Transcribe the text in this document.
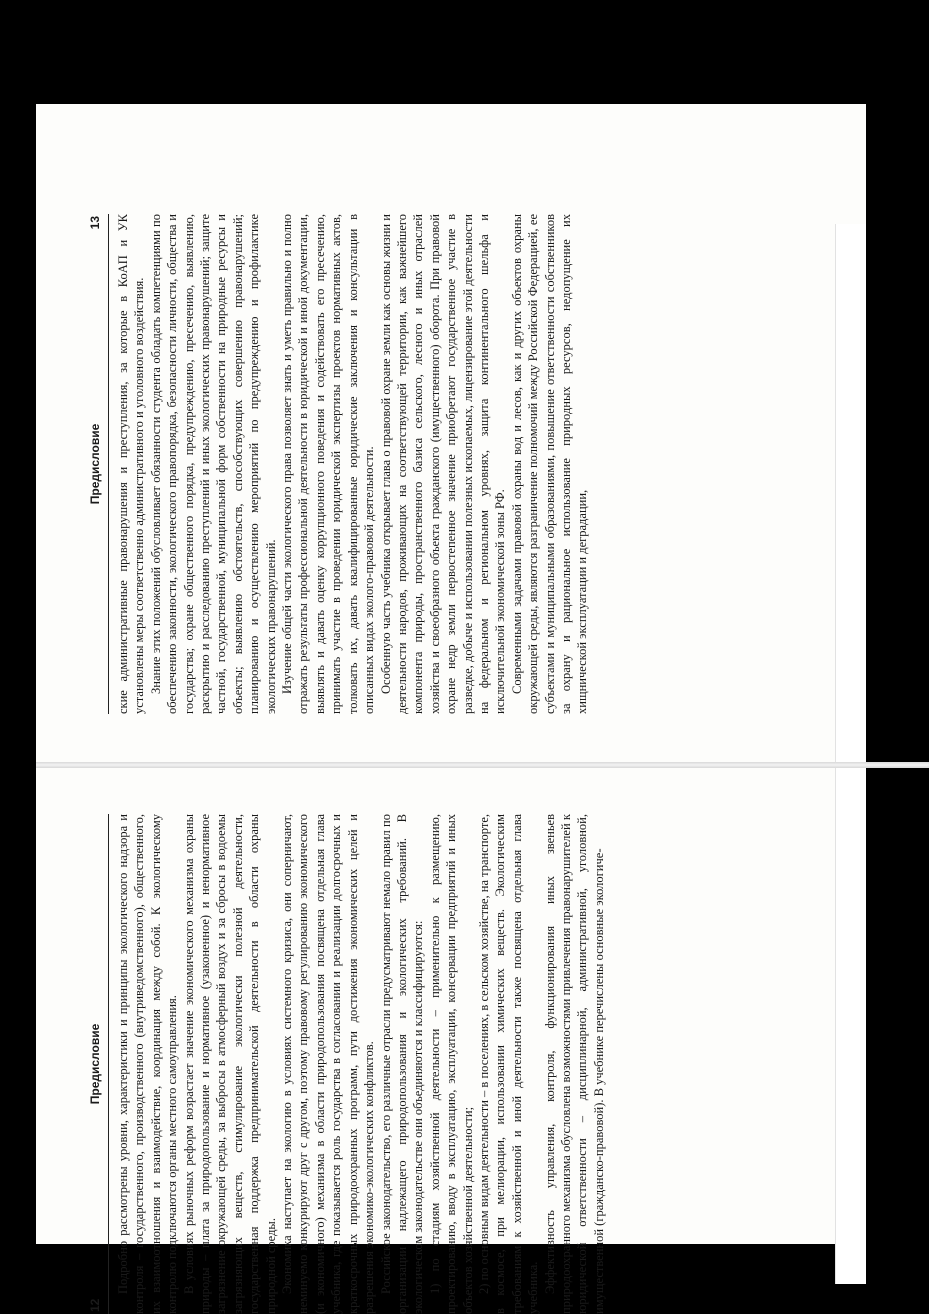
12
Предисловие Подробно рассмотрены уровни, характеристики и принципы экологического надзора и контроля – государственного, производственного (внутриведомственного), общественного, их взаимоотношения и взаимодействие, координация между собой. К экологическому контролю подключаются органы местного самоуправления. В условиях рыночных реформ возрастает значение экономического механизма охраны природы – плата за природопользование и нормативное (узаконенное) и ненормативное загрязнение окружающей среды, за выбросы в атмосферный воздух и за сбросы в водоемы загрязняющих веществ, стимулирование экологически полезной деятельности, государственная поддержка предпринимательской деятельности в области охраны природной среды. Экономика наступает на экологию в условиях системного кризиса, они соперничают, неминуемо конкурируют друг с другом, поэтому правовому регулированию экономического (и экономичного) механизма в области природопользования посвящена отдельная глава учебника, где показывается роль государства в согласовании и реализации долгосрочных и краткосрочных природоохранных программ, пути достижения экономических целей и разрешения экономико-экологических конфликтов. Российское законодательство, его различные отрасли предусматривают немало правил по организации надлежащего природопользования и экологических требований. В экологическом законодательстве они объединяются и классифицируются: 1) по стадиям хозяйственной деятельности – применительно к размещению, проектированию, вводу в эксплуатацию, эксплуатации, консервации предприятий и иных объектов хозяйственной деятельности; 2) по основным видам деятельности – в поселениях, в сельском хозяйстве, на транспорте, в космосе, при мелиорации, использовании химических веществ. Экологическим требованиям к хозяйственной и иной деятельности также посвящена отдельная глава учебника. Эффективность управления, контроля, функционирования иных звеньев природоохранного механизма обусловлена возможностями привлечения правонарушителей к юридической ответственности – дисциплинарной, административной, уголовной, имущественной (гражданско-правовой). В учебнике перечислены основные экологиче-

Предисловие
13 ские административные правонарушения и преступления, за которые в КоАП и УК установлены меры соответственно административного и уголовного воздействия. Знание этих положений обусловливает обязанности студента обладать компетенциями по обеспечению законности, экологического правопорядка, безопасности личности, общества и государства; охране общественного порядка, предупреждению, пресечению, выявлению, раскрытию и расследованию преступлений и иных экологических правонарушений; защите частной, государственной, муниципальной форм собственности на природные ресурсы и объекты; выявлению обстоятельств, способствующих совершению правонарушений; планированию и осуществлению мероприятий по предупреждению и профилактике экологических правонарушений. Изучение общей части экологического права позволяет знать и уметь правильно и полно отражать результаты профессиональной деятельности в юридической и иной документации, выявлять и давать оценку коррупционного поведения и содействовать его пресечению, принимать участие в проведении юридической экспертизы проектов нормативных актов, толковать их, давать квалифицированные юридические заключения и консультации в описанных видах эколого-правовой деятельности. Особенную часть учебника открывает глава о правовой охране земли как основы жизни и деятельности народов, проживающих на соответствующей территории, как важнейшего компонента природы, пространственного базиса сельского, лесного и иных отраслей хозяйства и своеобразного объекта гражданского (имущественного) оборота. При правовой охране недр земли первостепенное значение приобретают государственное участие в разведке, добыче и использовании полезных ископаемых, лицензирование этой деятельности на федеральном и региональном уровнях, защита континентального шельфа и исключительной экономической зоны РФ. Современными задачами правовой охраны вод и лесов, как и других объектов охраны окружающей среды, являются разграничение полномочий между Российской Федерацией, ее субъектами и муниципальными образованиями, повышение ответственности собственников за охрану и рациональное использование природных ресурсов, недопущение их хищнической эксплуатации и деградации,
